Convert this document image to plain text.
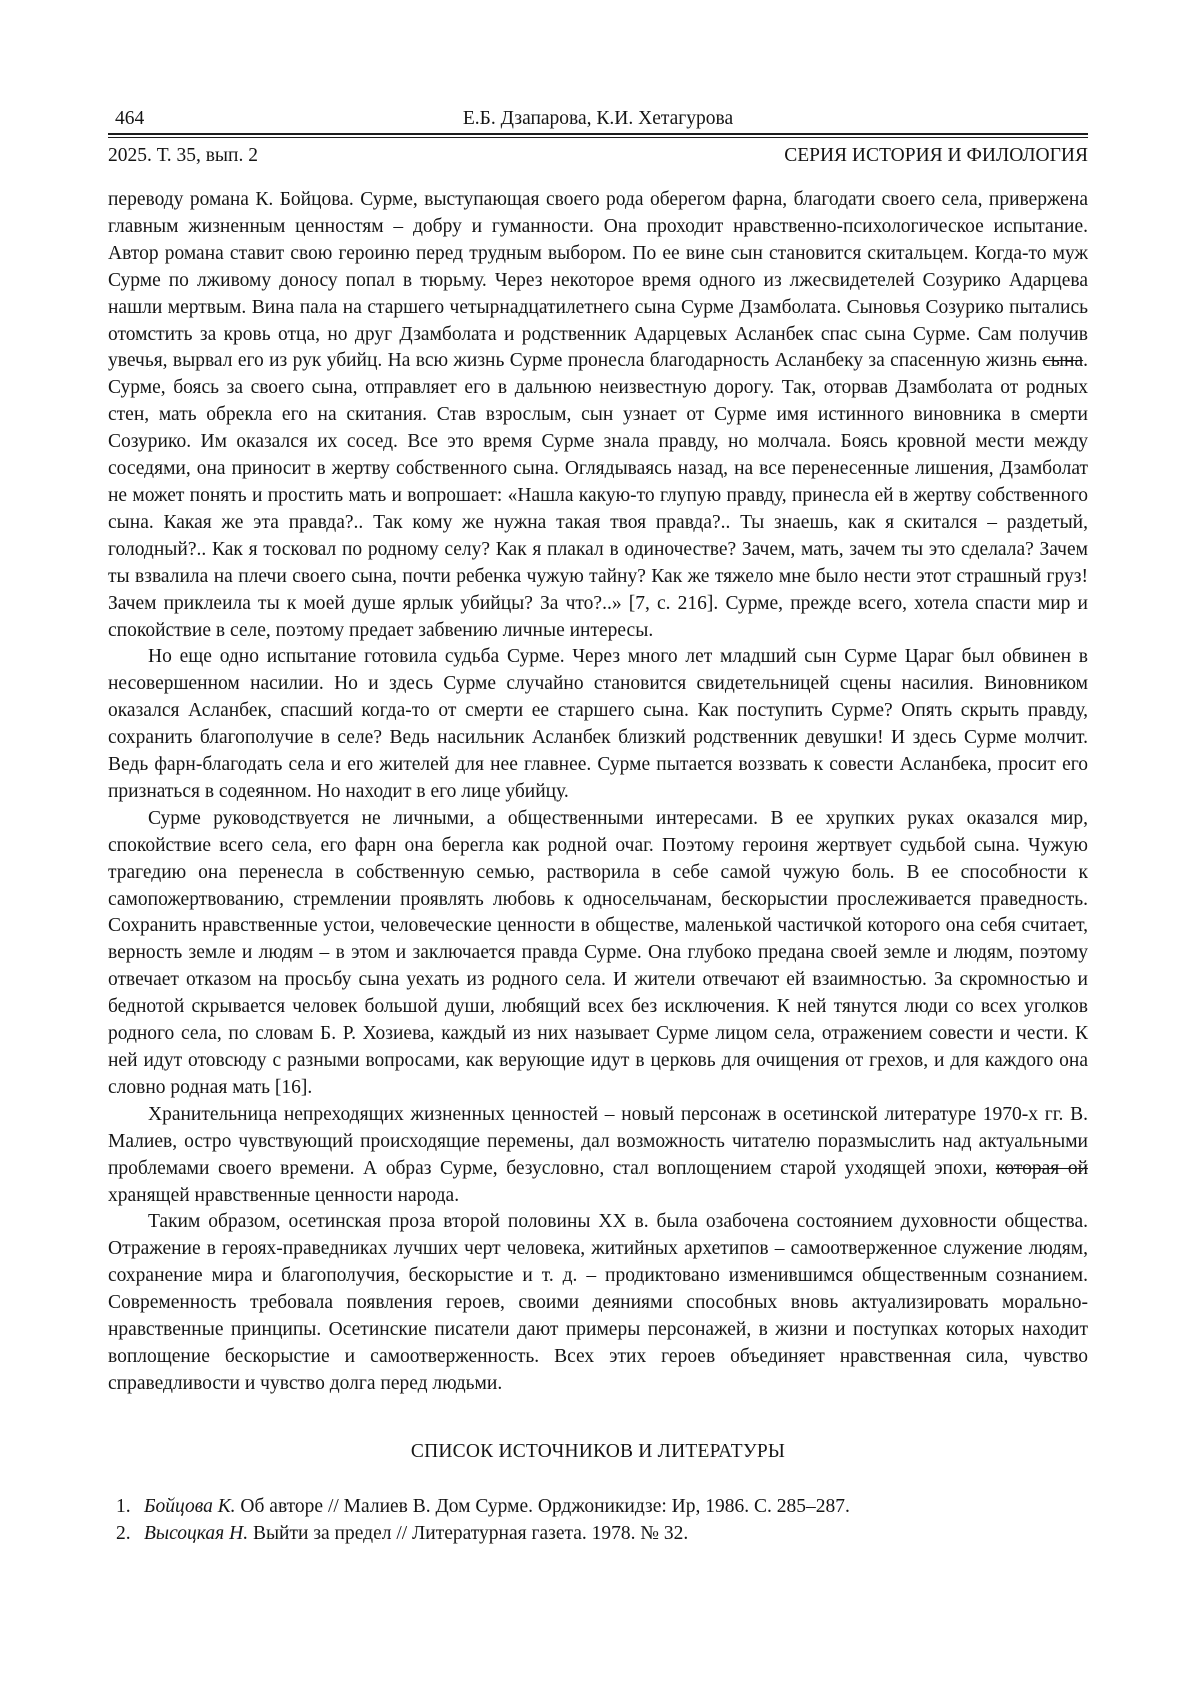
464	Е.Б. Дзапарова, К.И. Хетагурова
2025. Т. 35, вып. 2	СЕРИЯ ИСТОРИЯ И ФИЛОЛОГИЯ

переводу романа К. Бойцова. Сурме, выступающая своего рода оберегом фарна, благодати своего села, привержена главным жизненным ценностям – добру и гуманности. Она проходит нравственно-психологическое испытание. Автор романа ставит свою героиню перед трудным выбором. По ее вине сын становится скитальцем. Когда-то муж Сурме по лживому доносу попал в тюрьму. Через некоторое время одного из лжесвидетелей Созурико Адарцева нашли мертвым. Вина пала на старшего четырнадцатилетнего сына Сурме Дзамболата. Сыновья Созурико пытались отомстить за кровь отца, но друг Дзамболата и родственник Адарцевых Асланбек спас сына Сурме. Сам получив увечья, вырвал его из рук убийц. На всю жизнь Сурме пронесла благодарность Асланбеку за спасенную жизнь сына. Сурме, боясь за своего сына, отправляет его в дальнюю неизвестную дорогу. Так, оторвав Дзамболата от родных стен, мать обрекла его на скитания. Став взрослым, сын узнает от Сурме имя истинного виновника в смерти Созурико. Им оказался их сосед. Все это время Сурме знала правду, но молчала. Боясь кровной мести между соседями, она приносит в жертву собственного сына. Оглядываясь назад, на все перенесенные лишения, Дзамболат не может понять и простить мать и вопрошает: «Нашла какую-то глупую правду, принесла ей в жертву собственного сына. Какая же эта правда?.. Так кому же нужна такая твоя правда?.. Ты знаешь, как я скитался – раздетый, голодный?.. Как я тосковал по родному селу? Как я плакал в одиночестве? Зачем, мать, зачем ты это сделала? Зачем ты взвалила на плечи своего сына, почти ребенка чужую тайну? Как же тяжело мне было нести этот страшный груз! Зачем приклеила ты к моей душе ярлык убийцы? За что?..» [7, с. 216]. Сурме, прежде всего, хотела спасти мир и спокойствие в селе, поэтому предает забвению личные интересы.

Но еще одно испытание готовила судьба Сурме. Через много лет младший сын Сурме Цараг был обвинен в несовершенном насилии. Но и здесь Сурме случайно становится свидетельницей сцены насилия. Виновником оказался Асланбек, спасший когда-то от смерти ее старшего сына. Как поступить Сурме? Опять скрыть правду, сохранить благополучие в селе? Ведь насильник Асланбек близкий родственник девушки! И здесь Сурме молчит. Ведь фарн-благодать села и его жителей для нее главнее. Сурме пытается воззвать к совести Асланбека, просит его признаться в содеянном. Но находит в его лице убийцу.

Сурме руководствуется не личными, а общественными интересами. В ее хрупких руках оказался мир, спокойствие всего села, его фарн она берегла как родной очаг. Поэтому героиня жертвует судьбой сына. Чужую трагедию она перенесла в собственную семью, растворила в себе самой чужую боль. В ее способности к самопожертвованию, стремлении проявлять любовь к односельчанам, бескорыстии прослеживается праведность. Сохранить нравственные устои, человеческие ценности в обществе, маленькой частичкой которого она себя считает, верность земле и людям – в этом и заключается правда Сурме. Она глубоко предана своей земле и людям, поэтому отвечает отказом на просьбу сына уехать из родного села. И жители отвечают ей взаимностью. За скромностью и беднотой скрывается человек большой души, любящий всех без исключения. К ней тянутся люди со всех уголков родного села, по словам Б. Р. Хозиева, каждый из них называет Сурме лицом села, отражением совести и чести. К ней идут отовсюду с разными вопросами, как верующие идут в церковь для очищения от грехов, и для каждого она словно родная мать [16].

Хранительница непреходящих жизненных ценностей – новый персонаж в осетинской литературе 1970-х гг. В. Малиев, остро чувствующий происходящие перемены, дал возможность читателю поразмыслить над актуальными проблемами своего времени. А образ Сурме, безусловно, стал воплощением старой уходящей эпохи, которая ой хранящей нравственные ценности народа.

Таким образом, осетинская проза второй половины XX в. была озабочена состоянием духовности общества. Отражение в героях-праведниках лучших черт человека, житийных архетипов – самоотверженное служение людям, сохранение мира и благополучия, бескорыстие и т. д. – продиктовано изменившимся общественным сознанием. Современность требовала появления героев, своими деяниями способных вновь актуализировать морально-нравственные принципы. Осетинские писатели дают примеры персонажей, в жизни и поступках которых находит воплощение бескорыстие и самоотверженность. Всех этих героев объединяет нравственная сила, чувство справедливости и чувство долга перед людьми.

СПИСОК ИСТОЧНИКОВ И ЛИТЕРАТУРЫ
1. Бойцова К. Об авторе // Малиев В. Дом Сурме. Орджоникидзе: Ир, 1986. С. 285–287.
2. Высоцкая Н. Выйти за предел // Литературная газета. 1978. № 32.
